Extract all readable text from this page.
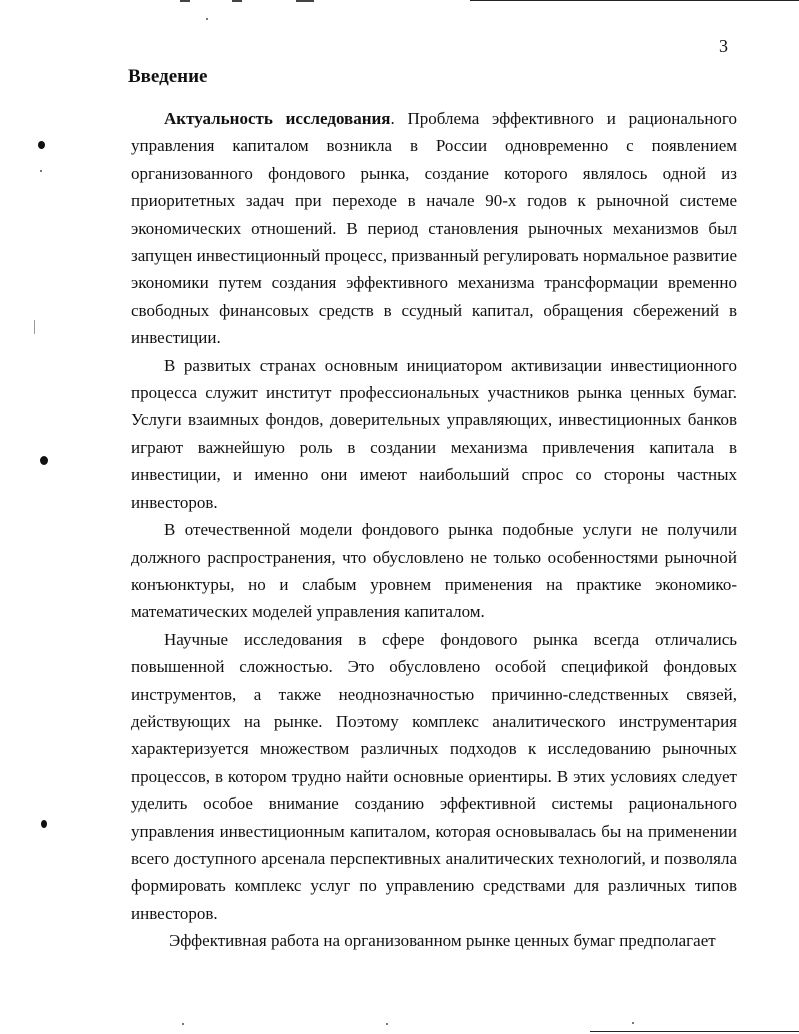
3
Введение

Актуальность исследования. Проблема эффективного и рационального управления капиталом возникла в России одновременно с появлением организованного фондового рынка, создание которого являлось одной из приоритетных задач при переходе в начале 90-х годов к рыночной системе экономических отношений. В период становления рыночных механизмов был запущен инвестиционный процесс, призванный регулировать нормальное развитие экономики путем создания эффективного механизма трансформации временно свободных финансовых средств в ссудный капитал, обращения сбережений в инвестиции.

В развитых странах основным инициатором активизации инвестиционного процесса служит институт профессиональных участников рынка ценных бумаг. Услуги взаимных фондов, доверительных управляющих, инвестиционных банков играют важнейшую роль в создании механизма привлечения капитала в инвестиции, и именно они имеют наибольший спрос со стороны частных инвесторов.

В отечественной модели фондового рынка подобные услуги не получили должного распространения, что обусловлено не только особенностями рыночной конъюнктуры, но и слабым уровнем применения на практике экономико-математических моделей управления капиталом.

Научные исследования в сфере фондового рынка всегда отличались повышенной сложностью. Это обусловлено особой спецификой фондовых инструментов, а также неоднозначностью причинно-следственных связей, действующих на рынке. Поэтому комплекс аналитического инструментария характеризуется множеством различных подходов к исследованию рыночных процессов, в котором трудно найти основные ориентиры. В этих условиях следует уделить особое внимание созданию эффективной системы рационального управления инвестиционным капиталом, которая основывалась бы на применении всего доступного арсенала перспективных аналитических технологий, и позволяла формировать комплекс услуг по управлению средствами для различных типов инвесторов.

Эффективная работа на организованном рынке ценных бумаг предполагает
